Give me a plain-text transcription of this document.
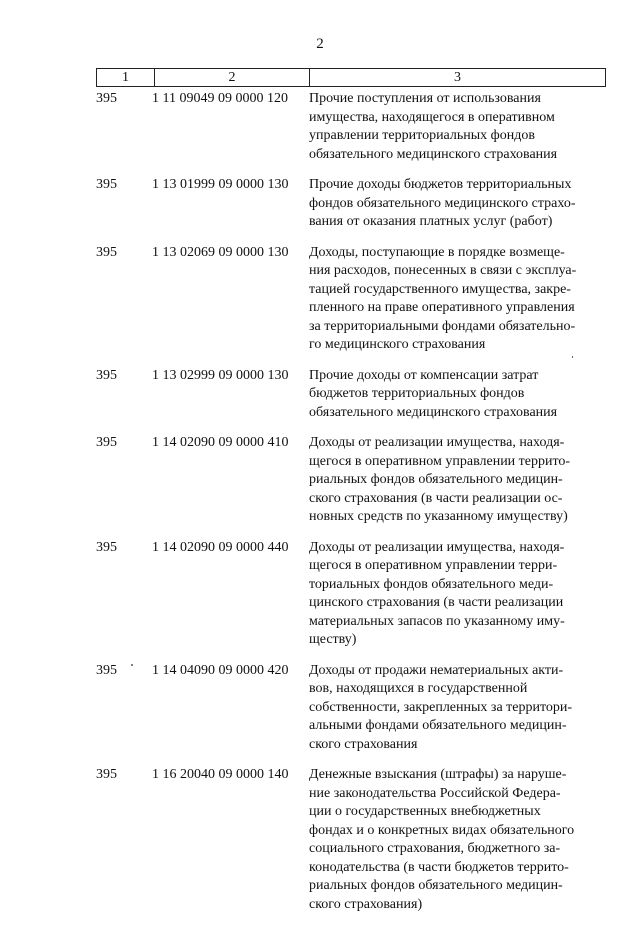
2
1	2	3
395	1 11 09049 09 0000 120	Прочие поступления от использования
имущества, находящегося в оперативном
управлении территориальных фондов
обязательного медицинского страхования
395	1 13 01999 09 0000 130	Прочие доходы бюджетов территориальных
фондов обязательного медицинского страхо-
вания от оказания платных услуг (работ)
395	1 13 02069 09 0000 130	Доходы, поступающие в порядке возмеще-
ния расходов, понесенных в связи с эксплуа-
тацией государственного имущества, закре-
пленного на праве оперативного управления
за территориальными фондами обязательно-
го медицинского страхования
395	1 13 02999 09 0000 130	Прочие доходы от компенсации затрат
бюджетов территориальных фондов
обязательного медицинского страхования
395	1 14 02090 09 0000 410	Доходы от реализации имущества, находя-
щегося в оперативном управлении террито-
риальных фондов обязательного медицин-
ского страхования (в части реализации ос-
новных средств по указанному имуществу)
395	1 14 02090 09 0000 440	Доходы от реализации имущества, находя-
щегося в оперативном управлении терри-
ториальных фондов обязательного меди-
цинского страхования (в части реализации
материальных запасов по указанному иму-
ществу)
395	1 14 04090 09 0000 420	Доходы от продажи нематериальных акти-
вов, находящихся в государственной
собственности, закрепленных за территори-
альными фондами обязательного медицин-
ского страхования
395	1 16 20040 09 0000 140	Денежные взыскания (штрафы) за наруше-
ние законодательства Российской Федера-
ции о государственных внебюджетных
фондах и о конкретных видах обязательного
социального страхования, бюджетного за-
конодательства (в части бюджетов террито-
риальных фондов обязательного медицин-
ского страхования)
